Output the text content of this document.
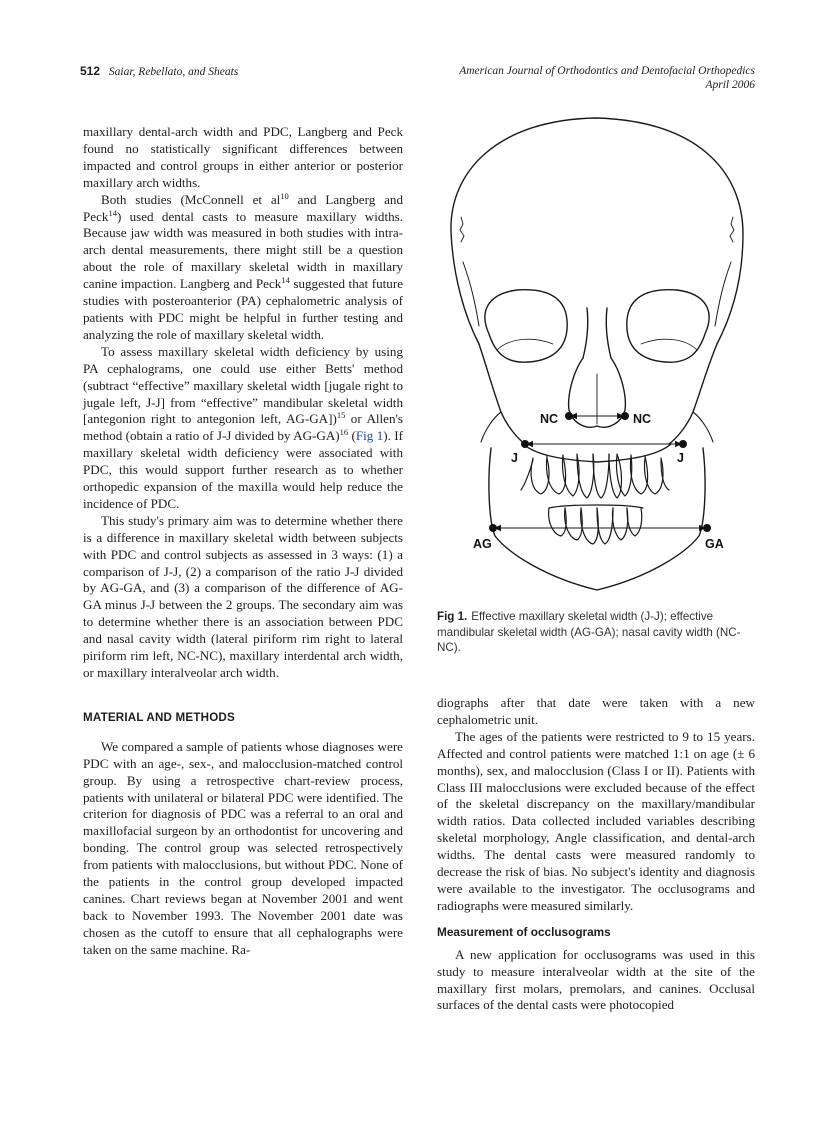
512 Saiar, Rebellato, and Sheats	American Journal of Orthodontics and Dentofacial Orthopedics
April 2006

maxillary dental-arch width and PDC, Langberg and Peck found no statistically significant differences between impacted and control groups in either anterior or posterior maxillary arch widths.

Both studies (McConnell et $al^{10}$ and Langberg and Peck$^{14}$) used dental casts to measure maxillary widths. Because jaw width was measured in both studies with intra-arch dental measurements, there might still be a question about the role of maxillary skeletal width in maxillary canine impaction. Langberg and Peck$^{14}$ suggested that future studies with posteroanterior (PA) cephalometric analysis of patients with PDC might be helpful in further testing and analyzing the role of maxillary skeletal width.

To assess maxillary skeletal width deficiency by using PA cephalograms, one could use either Betts' method (subtract “effective” maxillary skeletal width [jugale right to jugale left, J-J] from “effective” mandibular skeletal width [antegonion right to antegonion left, AG-GA])$^{15}$ or Allen's method (obtain a ratio of J-J divided by AG-GA)$^{16}$ (Fig 1). If maxillary skeletal width deficiency were associated with PDC, this would support further research as to whether orthopedic expansion of the maxilla would help reduce the incidence of PDC.

This study's primary aim was to determine whether there is a difference in maxillary skeletal width between subjects with PDC and control subjects as assessed in 3 ways: (1) a comparison of J-J, (2) a comparison of the ratio J-J divided by AG-GA, and (3) a comparison of the difference of AG-GA minus J-J between the 2 groups. The secondary aim was to determine whether there is an association between PDC and nasal cavity width (lateral piriform rim right to lateral piriform rim left, NC-NC), maxillary interdental arch width, or maxillary interalveolar arch width.

MATERIAL AND METHODS

We compared a sample of patients whose diagnoses were PDC with an age-, sex-, and malocclusion-matched control group. By using a retrospective chart-review process, patients with unilateral or bilateral PDC were identified. The criterion for diagnosis of PDC was a referral to an oral and maxillofacial surgeon by an orthodontist for uncovering and bonding. The control group was selected retrospectively from patients with malocclusions, but without PDC. None of the patients in the control group developed impacted canines. Chart reviews began at November 2001 and went back to November 1993. The November 2001 date was chosen as the cutoff to ensure that all cephalographs were taken on the same machine. Ra-

NC	NC
J	J
AG	GA
Fig 1. Effective maxillary skeletal width (J-J); effective mandibular skeletal width (AG-GA); nasal cavity width (NC-NC).

diographs after that date were taken with a new cephalometric unit.

The ages of the patients were restricted to 9 to 15 years. Affected and control patients were matched 1:1 on age (± 6 months), sex, and malocclusion (Class I or II). Patients with Class III malocclusions were excluded because of the effect of the skeletal discrepancy on the maxillary/mandibular width ratios. Data collected included variables describing skeletal morphology, Angle classification, and dental-arch widths. The dental casts were measured randomly to decrease the risk of bias. No subject's identity and diagnosis were available to the investigator. The occlusograms and radiographs were measured similarly.

Measurement of occlusograms

A new application for occlusograms was used in this study to measure interalveolar width at the site of the maxillary first molars, premolars, and canines. Occlusal surfaces of the dental casts were photocopied
